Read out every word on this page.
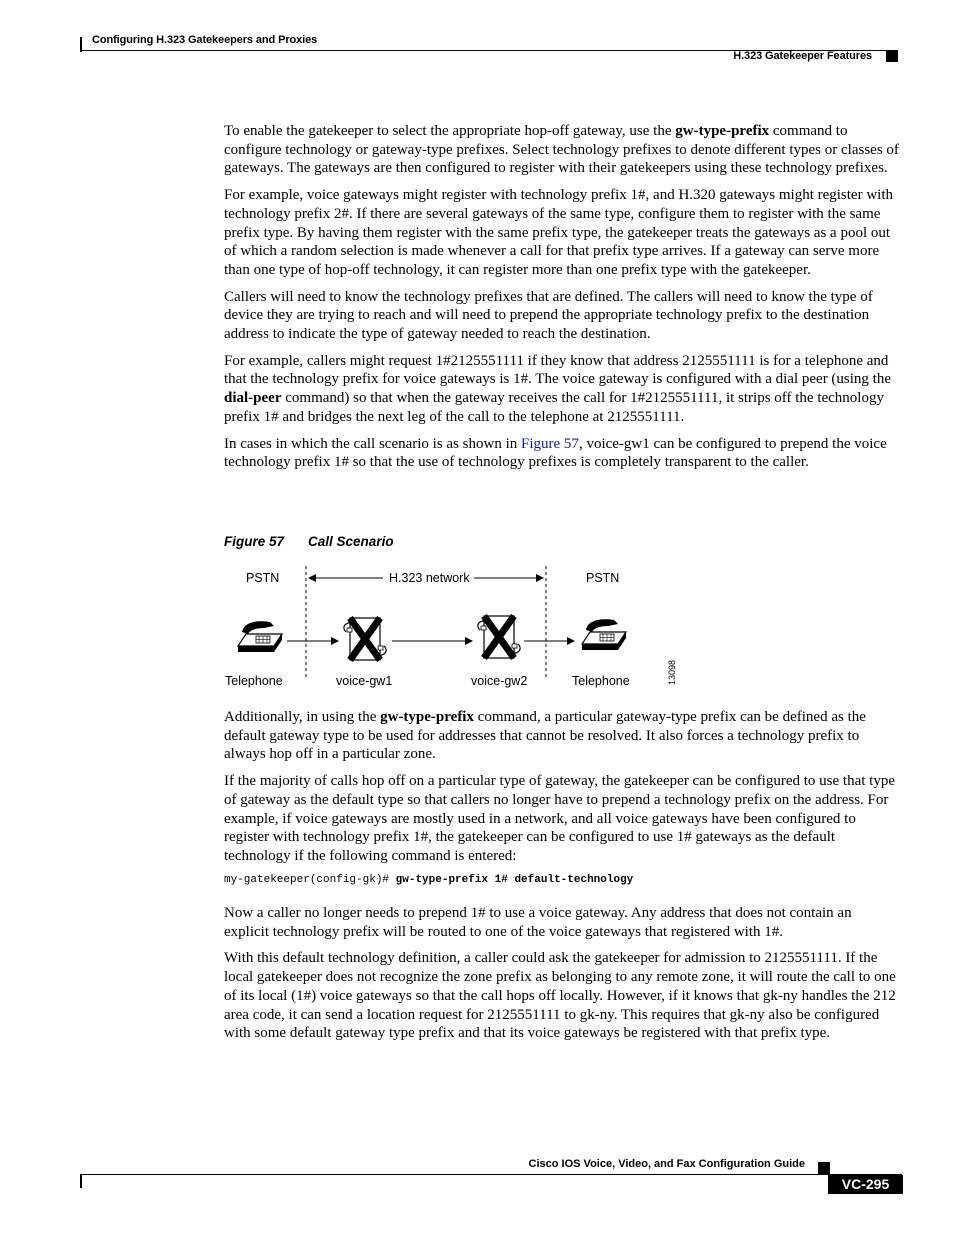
Configuring H.323 Gatekeepers and Proxies
H.323 Gatekeeper Features

To enable the gatekeeper to select the appropriate hop-off gateway, use the gw-type-prefix command to configure technology or gateway-type prefixes. Select technology prefixes to denote different types or classes of gateways. The gateways are then configured to register with their gatekeepers using these technology prefixes.

For example, voice gateways might register with technology prefix 1#, and H.320 gateways might register with technology prefix 2#. If there are several gateways of the same type, configure them to register with the same prefix type. By having them register with the same prefix type, the gatekeeper treats the gateways as a pool out of which a random selection is made whenever a call for that prefix type arrives. If a gateway can serve more than one type of hop-off technology, it can register more than one prefix type with the gatekeeper.

Callers will need to know the technology prefixes that are defined. The callers will need to know the type of device they are trying to reach and will need to prepend the appropriate technology prefix to the destination address to indicate the type of gateway needed to reach the destination.

For example, callers might request 1#2125551111 if they know that address 2125551111 is for a telephone and that the technology prefix for voice gateways is 1#. The voice gateway is configured with a dial peer (using the dial-peer command) so that when the gateway receives the call for 1#2125551111, it strips off the technology prefix 1# and bridges the next leg of the call to the telephone at 2125551111.

In cases in which the call scenario is as shown in Figure 57, voice-gw1 can be configured to prepend the voice technology prefix 1# so that the use of technology prefixes is completely transparent to the caller.

Figure 57 Call Scenario
PSTN	H.323 network	PSTN
Telephone	voice-gw1	voice-gw2	Telephone	13098

Additionally, in using the gw-type-prefix command, a particular gateway-type prefix can be defined as the default gateway type to be used for addresses that cannot be resolved. It also forces a technology prefix to always hop off in a particular zone.

If the majority of calls hop off on a particular type of gateway, the gatekeeper can be configured to use that type of gateway as the default type so that callers no longer have to prepend a technology prefix on the address. For example, if voice gateways are mostly used in a network, and all voice gateways have been configured to register with technology prefix 1#, the gatekeeper can be configured to use 1# gateways as the default technology if the following command is entered:

my-gatekeeper(config-gk)# gw-type-prefix 1# default-technology

Now a caller no longer needs to prepend 1# to use a voice gateway. Any address that does not contain an explicit technology prefix will be routed to one of the voice gateways that registered with 1#.

With this default technology definition, a caller could ask the gatekeeper for admission to 2125551111. If the local gatekeeper does not recognize the zone prefix as belonging to any remote zone, it will route the call to one of its local (1#) voice gateways so that the call hops off locally. However, if it knows that gk-ny handles the 212 area code, it can send a location request for 2125551111 to gk-ny. This requires that gk-ny also be configured with some default gateway type prefix and that its voice gateways be registered with that prefix type.

Cisco IOS Voice, Video, and Fax Configuration Guide
VC-295
